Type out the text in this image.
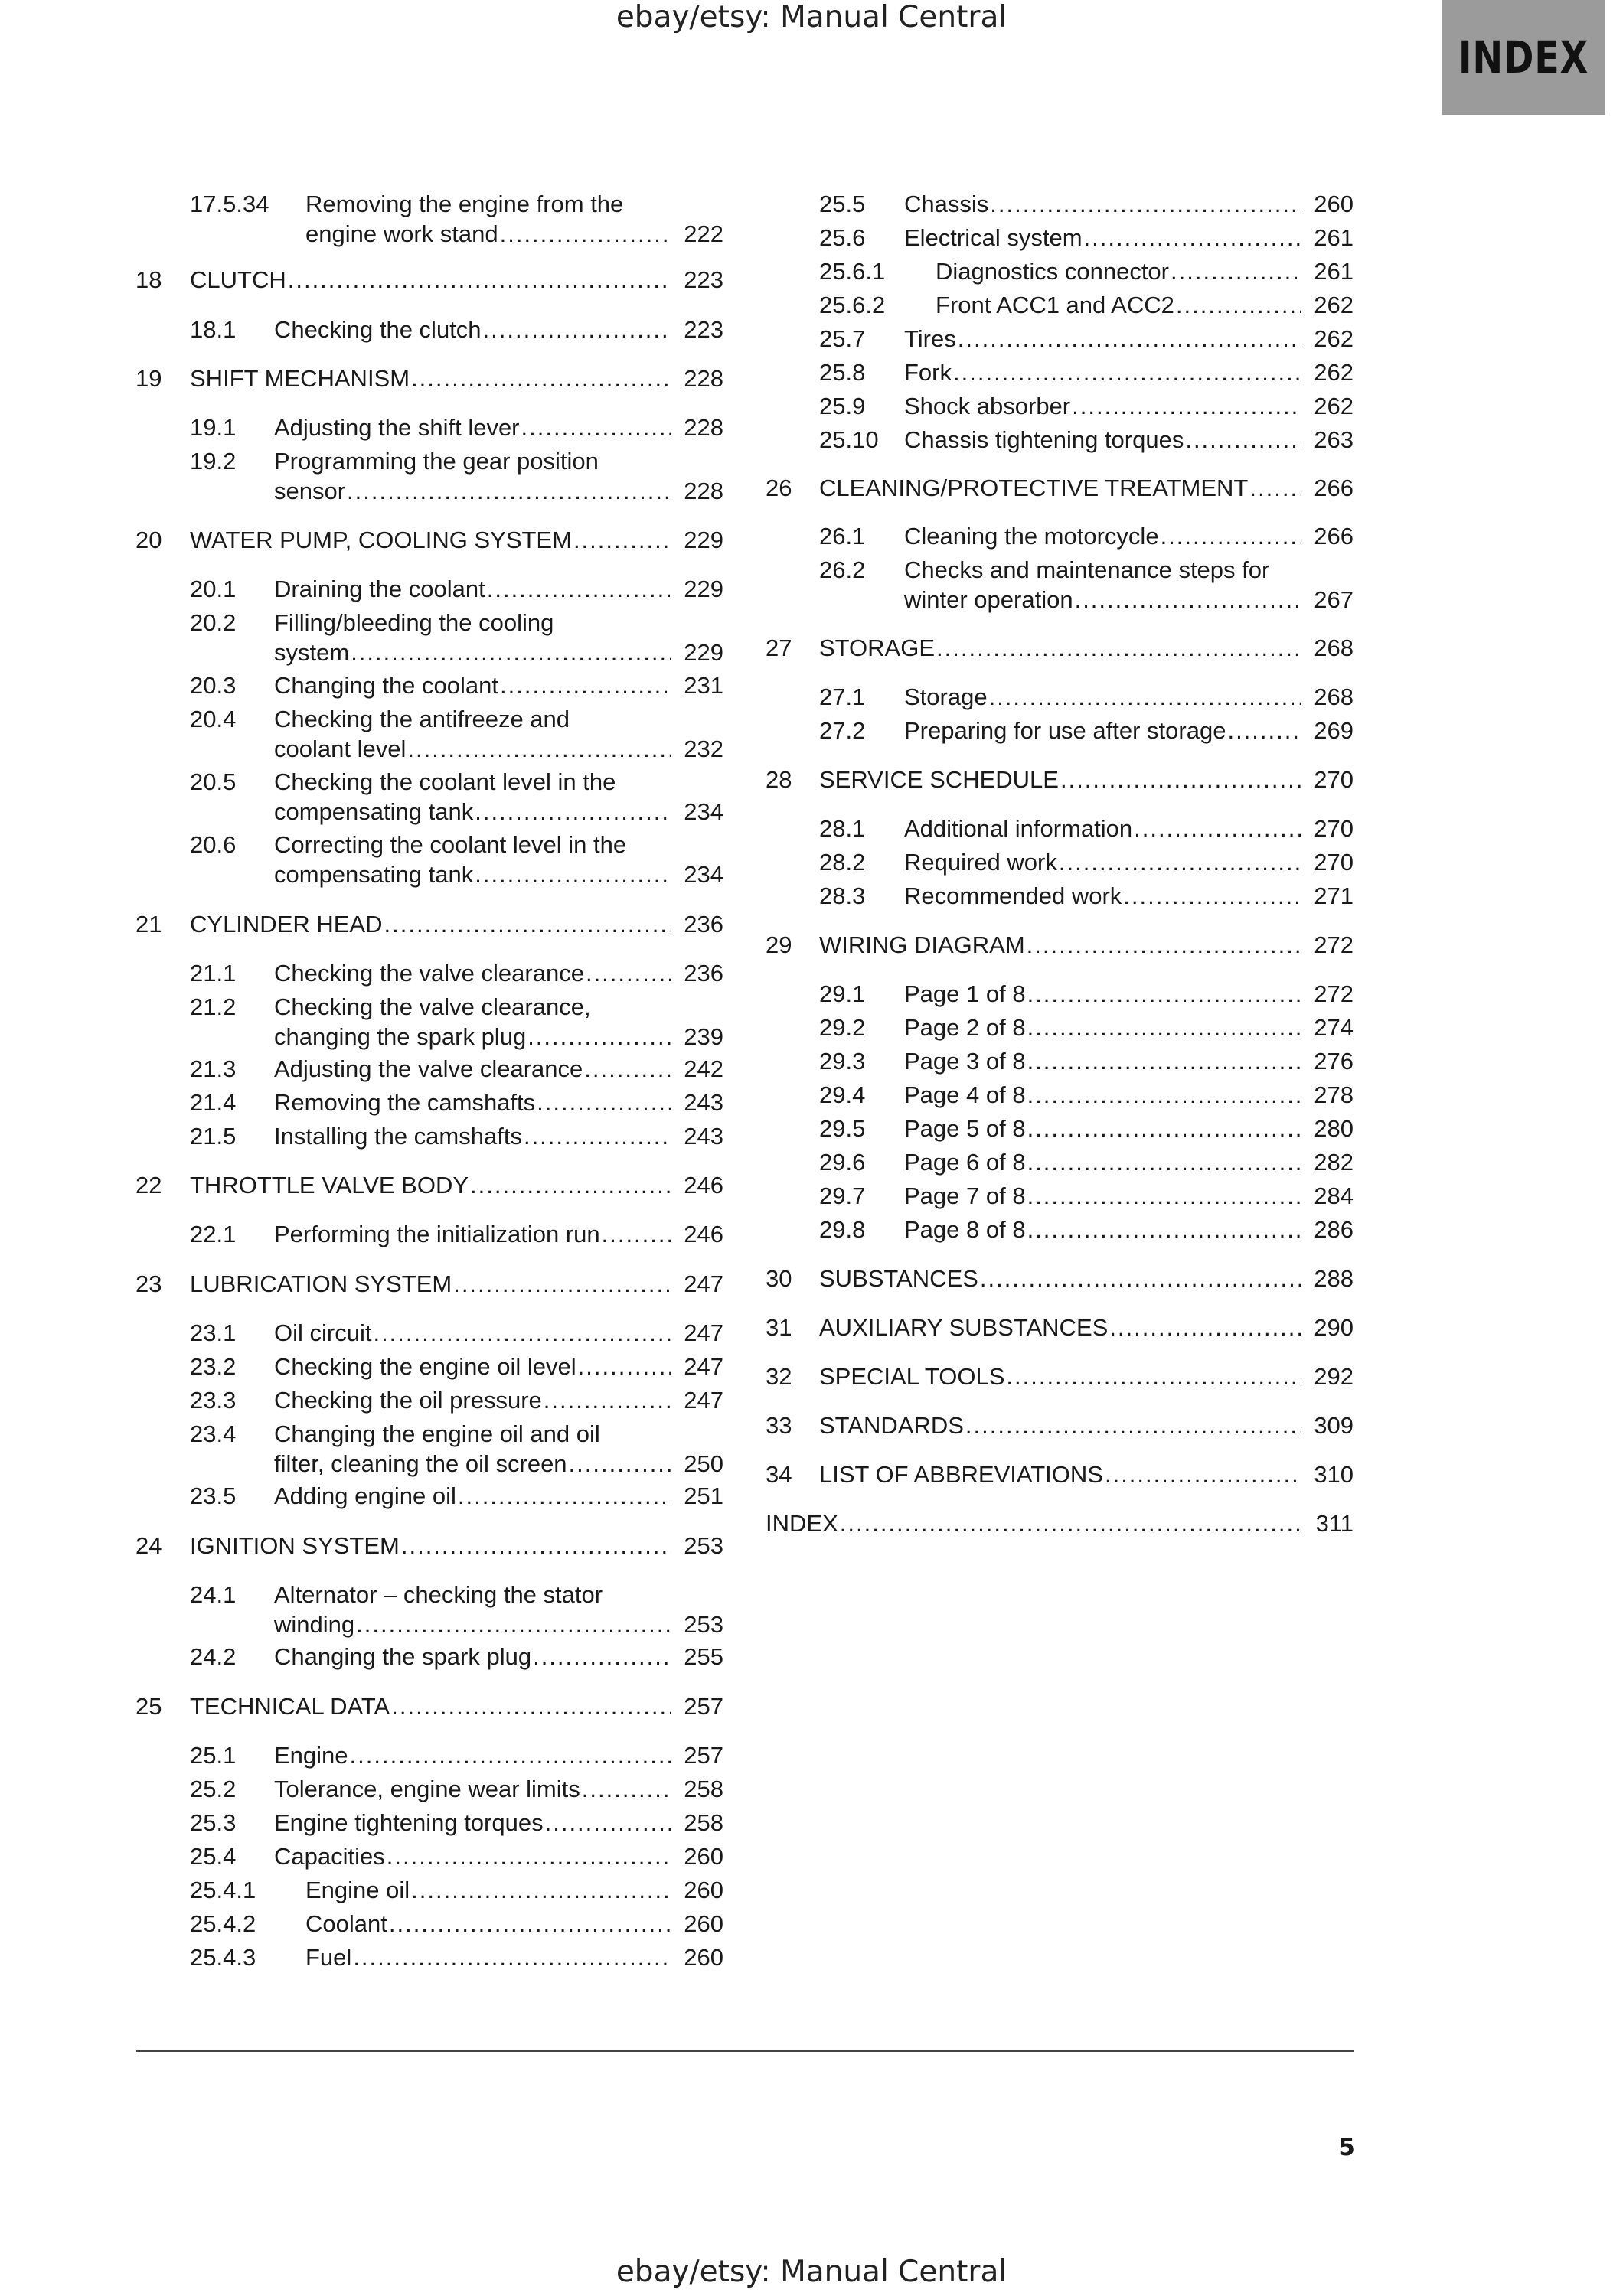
ebay/etsy: Manual Central
INDEX
17.5.34 Removing the engine from the
engine work stand .....	222
18 CLUTCH .....	223
18.1 Checking the clutch .....	223
19 SHIFT MECHANISM .....	228
19.1 Adjusting the shift lever .....	228
19.2 Programming the gear position
sensor .....	228
20 WATER PUMP, COOLING SYSTEM .....	229
20.1 Draining the coolant .....	229
20.2 Filling/bleeding the cooling
system .....	229
20.3 Changing the coolant .....	231
20.4 Checking the antifreeze and
coolant level .....	232
20.5 Checking the coolant level in the
compensating tank .....	234
20.6 Correcting the coolant level in the
compensating tank .....	234
21 CYLINDER HEAD .....	236
21.1 Checking the valve clearance .....	236
21.2 Checking the valve clearance,
changing the spark plug .....	239
21.3 Adjusting the valve clearance .....	242
21.4 Removing the camshafts .....	243
21.5 Installing the camshafts .....	243
22 THROTTLE VALVE BODY .....	246
22.1 Performing the initialization run .....	246
23 LUBRICATION SYSTEM .....	247
23.1 Oil circuit .....	247
23.2 Checking the engine oil level .....	247
23.3 Checking the oil pressure .....	247
23.4 Changing the engine oil and oil
filter, cleaning the oil screen .....	250
23.5 Adding engine oil .....	251
24 IGNITION SYSTEM .....	253
24.1 Alternator – checking the stator
winding .....	253
24.2 Changing the spark plug .....	255
25 TECHNICAL DATA .....	257
25.1 Engine .....	257
25.2 Tolerance, engine wear limits .....	258
25.3 Engine tightening torques .....	258
25.4 Capacities .....	260
25.4.1 Engine oil .....	260
25.4.2 Coolant .....	260
25.4.3 Fuel .....	260
25.5 Chassis .....	260
25.6 Electrical system .....	261
25.6.1 Diagnostics connector .....	261
25.6.2 Front ACC1 and ACC2 .....	262
25.7 Tires .....	262
25.8 Fork .....	262
25.9 Shock absorber .....	262
25.10 Chassis tightening torques .....	263
26 CLEANING/PROTECTIVE TREATMENT .....	266
26.1 Cleaning the motorcycle .....	266
26.2 Checks and maintenance steps for
winter operation .....	267
27 STORAGE .....	268
27.1 Storage .....	268
27.2 Preparing for use after storage .....	269
28 SERVICE SCHEDULE .....	270
28.1 Additional information .....	270
28.2 Required work .....	270
28.3 Recommended work .....	271
29 WIRING DIAGRAM .....	272
29.1 Page 1 of 8 .....	272
29.2 Page 2 of 8 .....	274
29.3 Page 3 of 8 .....	276
29.4 Page 4 of 8 .....	278
29.5 Page 5 of 8 .....	280
29.6 Page 6 of 8 .....	282
29.7 Page 7 of 8 .....	284
29.8 Page 8 of 8 .....	286
30 SUBSTANCES .....	288
31 AUXILIARY SUBSTANCES .....	290
32 SPECIAL TOOLS .....	292
33 STANDARDS .....	309
34 LIST OF ABBREVIATIONS .....	310
INDEX .....	311
5
ebay/etsy: Manual Central
